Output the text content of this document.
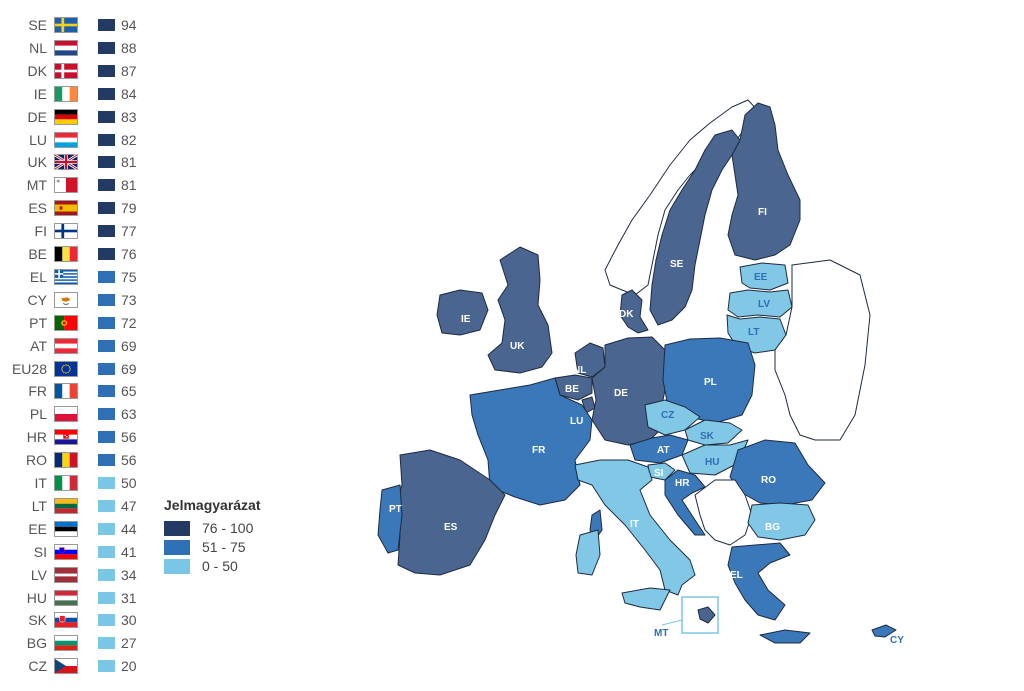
SE	94
NL	88
DK	87
IE	84
DE	83
LU	82
UK	81
MT	81
ES	79
FI	77
BE	76
EL	75
CY	73
PT	72
AT	69
EU28	69
FR	65
PL	63
HR	56
RO	56
IT	50
LT	47
EE	44
SI	41
LV	34
HU	31
SK	30
BG	27
CZ	20
Jelmagyarázat
76 - 100
51 - 75
0 - 50
FI
SE
EE
LV
LT
DK
IE
UK
NL
BE
LU
DE
PL
CZ
SK
AT
HU
SI
HR	RO
BG
FR
PT
ES	IT
EL
MT
CY
